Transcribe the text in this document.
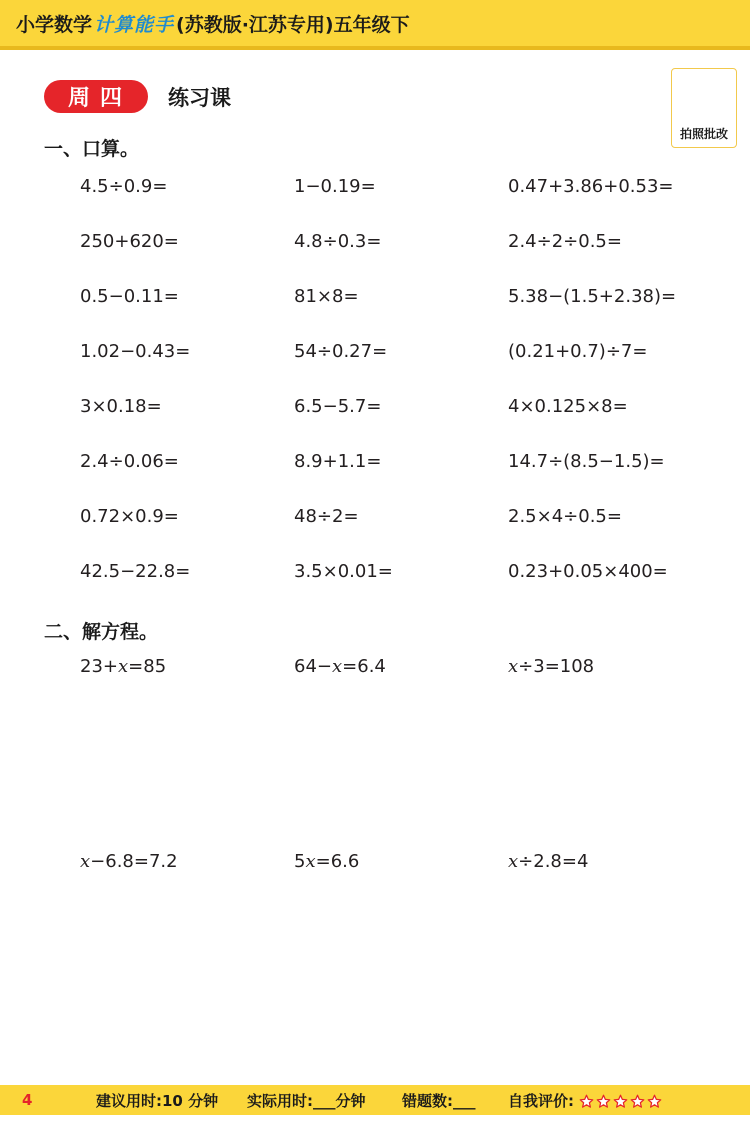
小学数学 计算能手 (苏教版·江苏专用)五年级下
周四	练习课
拍照批改
一、口算。
4.5÷0.9=	1−0.19=	0.47+3.86+0.53=
250+620=	4.8÷0.3=	2.4÷2÷0.5=
0.5−0.11=	81×8=	5.38−(1.5+2.38)=
1.02−0.43=	54÷0.27=	(0.21+0.7)÷7=
3×0.18=	6.5−5.7=	4×0.125×8=
2.4÷0.06=	8.9+1.1=	14.7÷(8.5−1.5)=
0.72×0.9=	48÷2=	2.5×4÷0.5=
42.5−22.8=	3.5×0.01=	0.23+0.05×400=
二、解方程。
23+x=85	64−x=6.4	x÷3=108
x−6.8=7.2	5x=6.6	x÷2.8=4
4	建议用时:10 分钟 实际用时:___分钟 错题数:___ 自我评价:
